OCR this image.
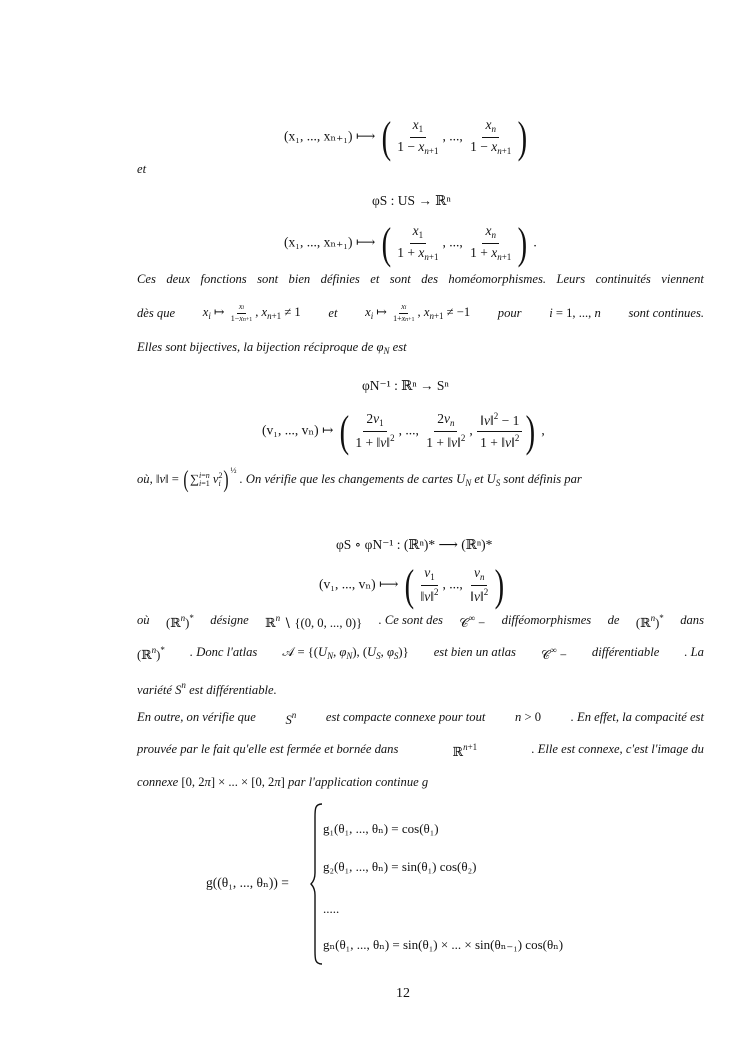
(x₁, ..., xₙ₊₁) ⟼ ( $\frac{x_1}{1 - x_{n+1}}$ , ..., $\frac{x_n}{1 - x_{n+1}}$ )
et
φS : US → ℝⁿ
(x₁, ..., xₙ₊₁) ⟼ ( $\frac{x_1}{1 + x_{n+1}}$ , ..., $\frac{x_n}{1 + x_{n+1}}$ ) .
Ces deux fonctions sont bien définies et sont des homéomorphismes. Leurs continuités viennent
dès que $x_i$ ↦ $\frac{xi}{1-xn+1}$ , $x_{n+1} \ne 1$ et $x_i$ ↦ $\frac{xi}{1+xn+1}$ , $x_{n+1} \ne -1$ pour i = 1, ..., n sont continues.
Elles sont bijectives, la bijection réciproque de $\varphi_N$ est
φN⁻¹ : ℝⁿ → Sⁿ
(v₁, ..., vₙ) ↦ ( $\frac{2v_1}{1 + ‖v‖^2}$ , ..., $\frac{2v_n}{1 + ‖v‖^2}$ , $\frac{‖v‖^2 - 1}{1 + ‖v‖^2}$ ) ,
où, ‖v‖ = (∑i=n
i=1 v2
i )$^{\frac{1}{2}}$ . On vérifie que les changements de cartes $U_N$ et $U_S$ sont définis par
φS ∘ φN⁻¹ : (ℝⁿ)* ⟶ (ℝⁿ)*
(v₁, ..., vₙ) ⟼ ( $\frac{v_1}{‖v‖^2}$ , ..., $\frac{v_n}{‖v‖^2}$ )
où (ℝ$^n$)* désigne ℝ$^n$ ∖ {(0, 0, ..., 0)} . Ce sont des 𝒞∞ − difféomorphismes de (ℝ$^n$)* dans
(ℝ$^n$)* . Donc l'atlas 𝒜 = {($U_N$, $\varphi_N$), ($U_S$, $\varphi_S$)} est bien un atlas 𝒞∞ − différentiable . La
variété $S^n$ est différentiable.
En outre, on vérifie que $S^n$ est compacte connexe pour tout n > 0 . En effet, la compacité est
prouvée par le fait qu'elle est fermée et bornée dans	ℝ$^{n+1}$	. Elle est connexe, c'est l'image du
connexe [0, 2π] × ... × [0, 2π] par l'application continue g
g((θ₁, ..., θₙ)) =
g₁(θ₁, ..., θₙ) = cos(θ₁)
g₂(θ₁, ..., θₙ) = sin(θ₁) cos(θ₂)
.....
gₙ(θ₁, ..., θₙ) = sin(θ₁) × ... × sin(θₙ₋₁) cos(θₙ)
12
